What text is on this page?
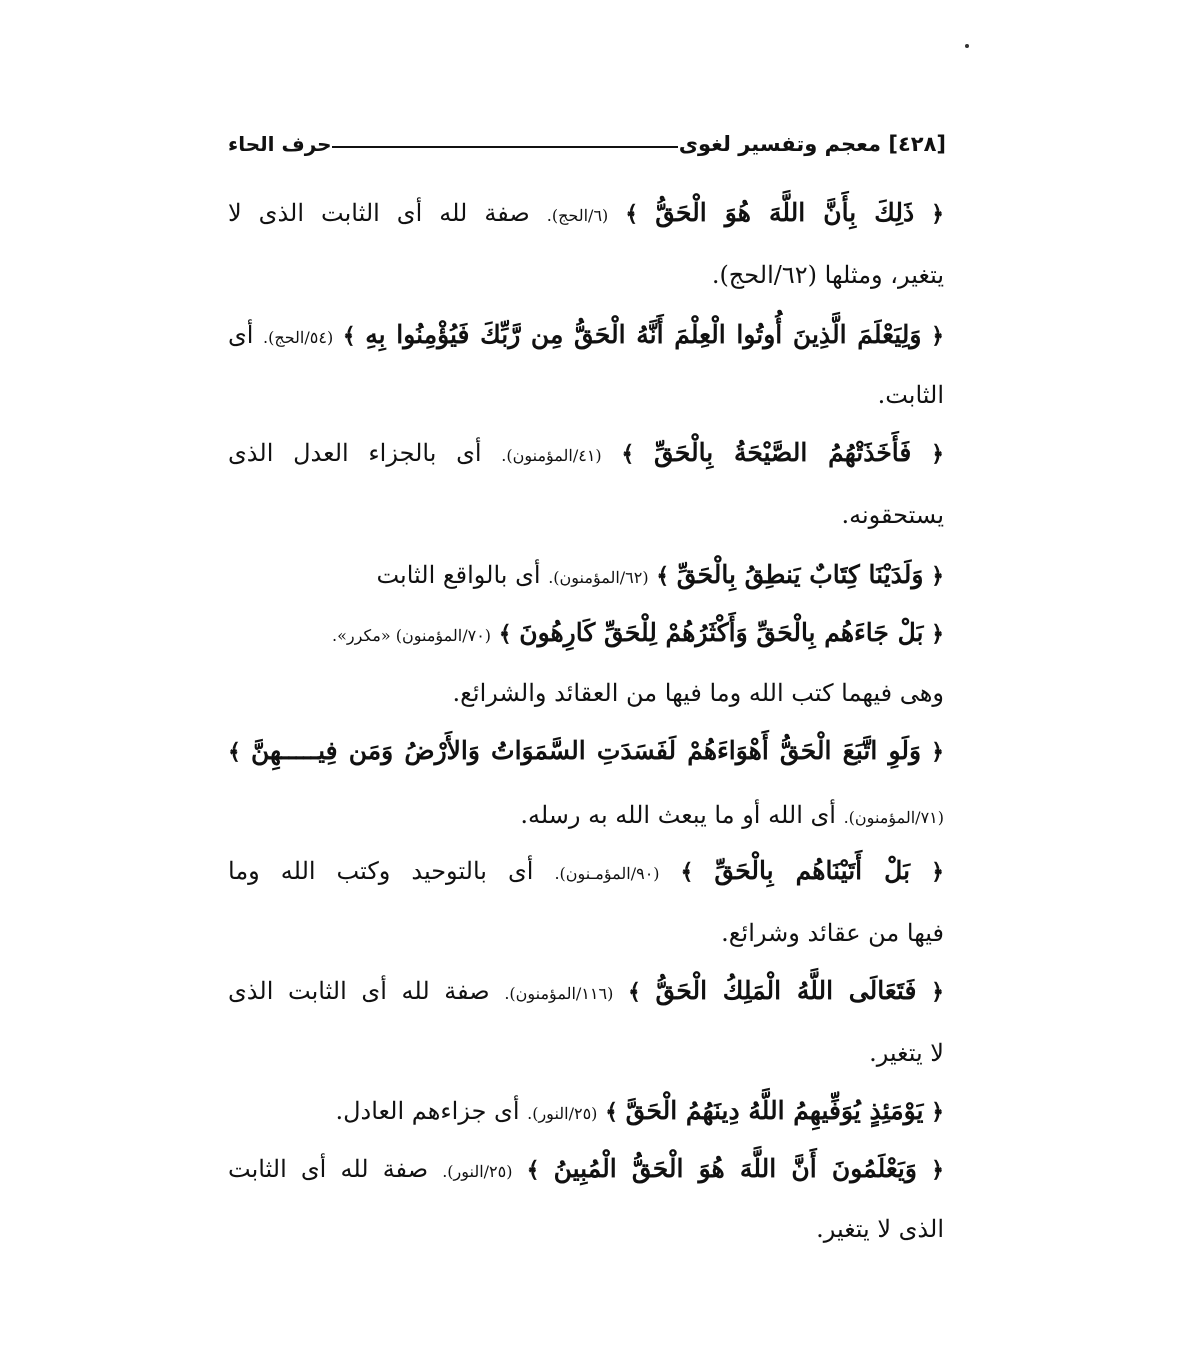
[٤٢٨] معجم وتفسير لغوى
حرف الحاء
﴿ ذَلِكَ بِأَنَّ اللَّهَ هُوَ الْحَقُّ ﴾ (٦/الحج). صفة لله أى الثابت الذى لا
يتغير، ومثلها (٦٢/الحج).
﴿ وَلِيَعْلَمَ الَّذِينَ أُوتُوا الْعِلْمَ أَنَّهُ الْحَقُّ مِن رَّبِّكَ فَيُؤْمِنُوا بِهِ ﴾ (٥٤/الحج). أى
الثابت.
﴿ فَأَخَذَتْهُمُ الصَّيْحَةُ بِالْحَقِّ ﴾ (٤١/المؤمنون). أى بالجزاء العدل الذى
يستحقونه.
﴿ وَلَدَيْنَا كِتَابٌ يَنطِقُ بِالْحَقِّ ﴾ (٦٢/المؤمنون). أى بالواقع الثابت
﴿ بَلْ جَاءَهُم بِالْحَقِّ وَأَكْثَرُهُمْ لِلْحَقِّ كَارِهُونَ ﴾ (٧٠/المؤمنون) «مكرر».
وهى فيهما كتب الله وما فيها من العقائد والشرائع.
﴿ وَلَوِ اتَّبَعَ الْحَقُّ أَهْوَاءَهُمْ لَفَسَدَتِ السَّمَوَاتُ وَالأَرْضُ وَمَن فِيـــــهِنَّ ﴾
(٧١/المؤمنون). أى الله أو ما يبعث الله به رسله.
﴿ بَلْ أَتَيْنَاهُم بِالْحَقِّ ﴾ (٩٠/المؤمـنون). أى بالتوحيد وكتب الله وما
فيها من عقائد وشرائع.
﴿ فَتَعَالَى اللَّهُ الْمَلِكُ الْحَقُّ ﴾ (١١٦/المؤمنون). صفة لله أى الثابت الذى
لا يتغير.
﴿ يَوْمَئِذٍ يُوَفِّيهِمُ اللَّهُ دِينَهُمُ الْحَقَّ ﴾ (٢٥/النور). أى جزاءهم العادل.
﴿ وَيَعْلَمُونَ أَنَّ اللَّهَ هُوَ الْحَقُّ الْمُبِينُ ﴾ (٢٥/النور). صفة لله أى الثابت
الذى لا يتغير.
